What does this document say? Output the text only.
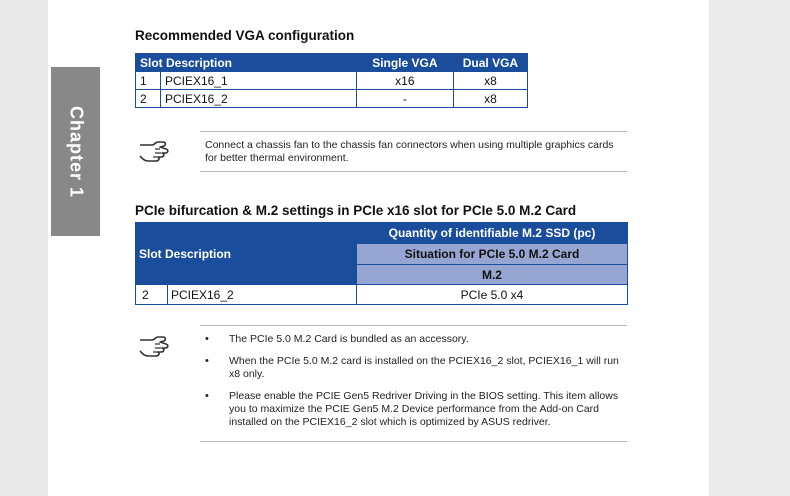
Chapter 1
Recommended VGA configuration
Slot Description		Single VGA	Dual VGA
1	PCIEX16_1	x16	x8
2	PCIEX16_2	-	x8
Connect a chassis fan to the chassis fan connectors when using multiple graphics cards for better thermal environment.
PCIe bifurcation & M.2 settings in PCIe x16 slot for PCIe 5.0 M.2 Card
Slot Description		Quantity of identifiable M.2 SSD (pc)
		Situation for PCIe 5.0 M.2 Card
		M.2
2	PCIEX16_2	PCIe 5.0 x4
• The PCIe 5.0 M.2 Card is bundled as an accessory.
• When the PCIe 5.0 M.2 card is installed on the PCIEX16_2 slot, PCIEX16_1 will run x8 only.
• Please enable the PCIE Gen5 Redriver Driving in the BIOS setting. This item allows you to maximize the PCIE Gen5 M.2 Device performance from the Add-on Card installed on the PCIEX16_2 slot which is optimized by ASUS redriver.
